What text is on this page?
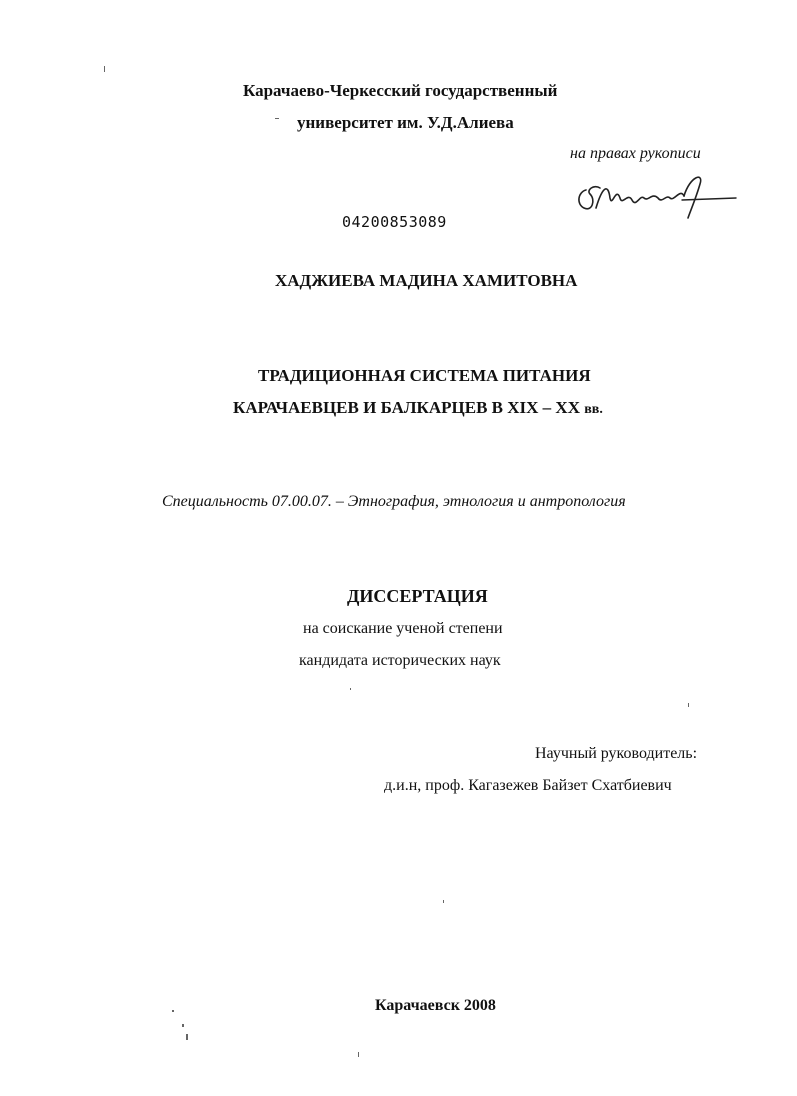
Карачаево-Черкесский государственный
университет им. У.Д.Алиева
на правах рукописи
04200853089
ХАДЖИЕВА МАДИНА ХАМИТОВНА
ТРАДИЦИОННАЯ СИСТЕМА ПИТАНИЯ
КАРАЧАЕВЦЕВ И БАЛКАРЦЕВ В XIX – XX вв.
Специальность 07.00.07. – Этнография, этнология и антропология
ДИССЕРТАЦИЯ
на соискание ученой степени
кандидата исторических наук
Научный руководитель:
д.и.н, проф. Кагазежев Байзет Схатбиевич
Карачаевск 2008
